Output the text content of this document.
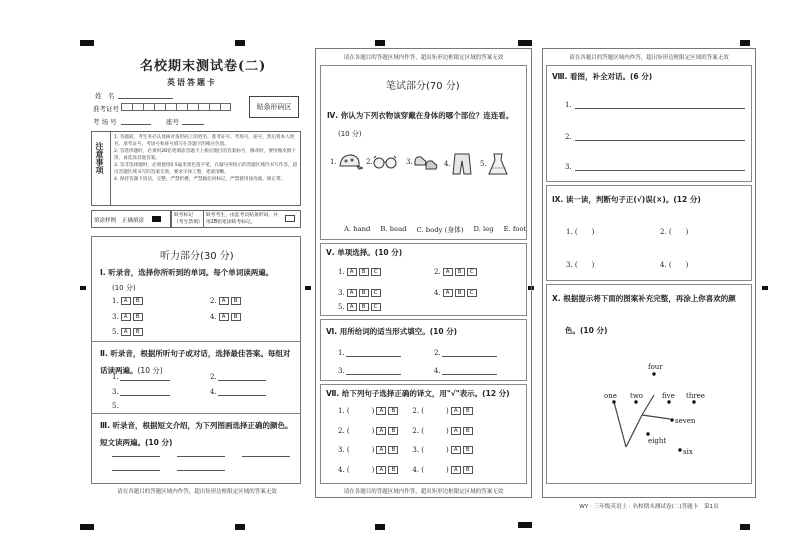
名校期末测试卷(二)
英语答题卡
姓　名
准考证号
考 场 号	座号
贴条形码区
注意事项
1. 答题前，考生务必认真核对条形码上的姓名、准考证号、考场号、座号，然后将本人姓名、准考证号、考场号和座号填写在答题卡的相应位置。
2. 答选择题时，必须用2B铅笔填涂答题卡上相应题目的答案标号，修改时，要用橡皮擦干净，再选涂其他答案。
3. 答非选择题时，必须使用0.5毫米黑色签字笔，在题号所指示的答题区域内书写作答。超出答题区域书写的答案无效。要求字体工整，笔迹清晰。
4. 保持答题卡清洁，完整，严禁折叠，严禁做任何标记，严禁使用涂改液、修正带。
填涂样例 正确填涂
缺考标记（考生禁填）
缺考考生，由监考员贴条形码，并用2B铅笔涂缺考标记。
听力部分(30 分)
Ⅰ. 听录音，选择你所听到的单词。每个单词读两遍。
(10 分)
1. A	B	2. A	B
3. A	B	4. A	B
5. A	B
Ⅱ. 听录音，根据所听句子或对话，选择最佳答案。每组对话读两遍。(10 分)
1.	2.
3.	4.
5.
Ⅲ. 听录音，根据短文介绍，为下列图画选择正确的颜色。短文读两遍。(10 分)
请在各题目的答题区域内作答，超出矩形边框限定区域的答案无效
请在各题目的答题区域内作答，超出矩形边框限定区域的答案无效
请在各题目的答题区域内作答，超出矩形边框限定区域的答案无效
笔试部分(70 分)
Ⅳ. 你认为下列衣物该穿戴在身体的哪个部位？连连看。
(10 分)
1.	2.	3.	4.	5.
A. hand B. head C. body (身体) D. leg E. foot
Ⅴ. 单项选择。(10 分)
1. A	B	C	2. A	B	C
3. A	B	C	4. A	B	C
5. A	B	C
Ⅵ. 用所给词的适当形式填空。(10 分)
1.	2.
3.	4.
Ⅶ. 给下列句子选择正确的译文，用"√"表示。(12 分)
1. (	) A	B	2. (	) A	B
2. (	) A	B	2. (	) A	B
3. (	) A	B	3. (	) A	B
4. (	) A	B	4. (	) A	B
请在各题目的答题区域内作答，超出矩形边框限定区域的答案无效
Ⅷ. 看图，补全对话。(6 分)
1.
2.
3.
Ⅸ. 读一读，判断句子正(√)误(×)。(12 分)
1. (　　)	2. (　　)
3. (　　)	4. (　　)
Ⅹ. 根据提示将下面的图案补充完整，再涂上你喜欢的颜
色。(10 分)
four
one two	five three
seven
eight
six
WY · 三年级英语上 · 名校期末测试卷(二)答题卡　第1页
